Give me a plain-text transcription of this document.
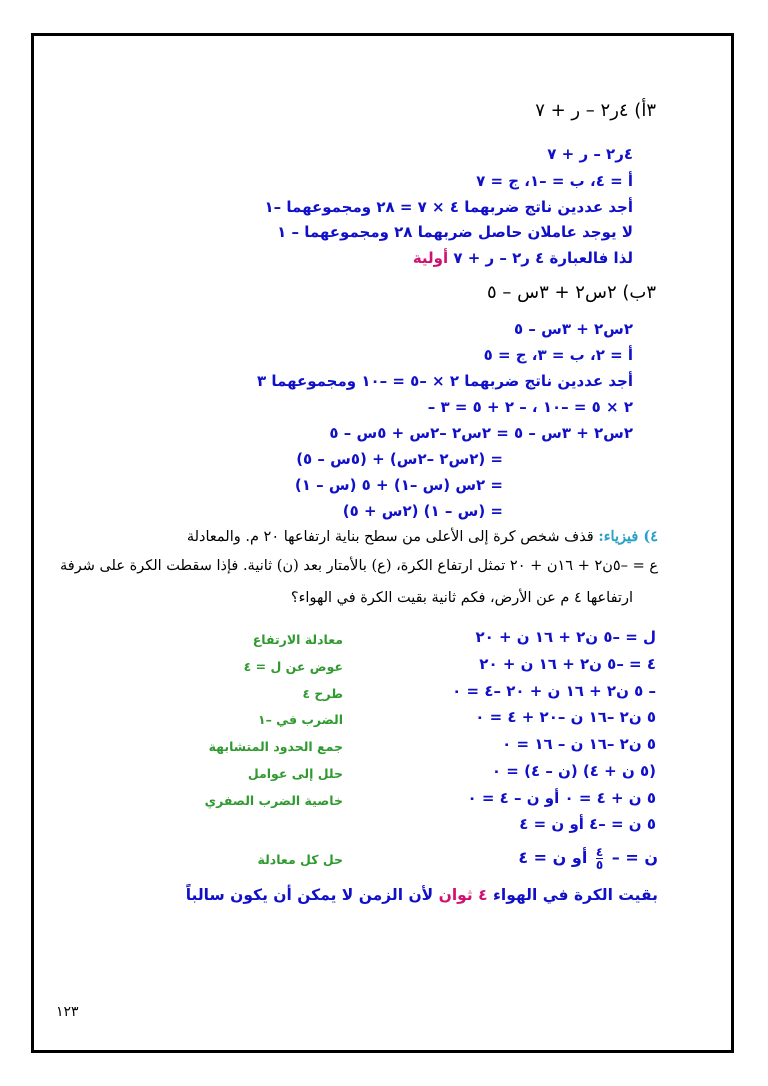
٣أ) ٤ر٢ – ر + ٧
٤ر٢ – ر + ٧
أ = ٤، ب = –١، ج = ٧
أجد عددين ناتج ضربهما ٤ × ٧ = ٢٨ ومجموعهما –١
لا يوجد عاملان حاصل ضربهما ٢٨ ومجموعهما – ١
لذا فالعبارة ٤ ر٢ – ر + ٧ أولية
٣ب) ٢س٢ + ٣س – ٥
٢س٢ + ٣س – ٥
أ = ٢، ب = ٣، ج = ٥
أجد عددين ناتج ضربهما ٢ × –٥ = –١٠ ومجموعهما ٣
– ٢ × ٥ = –١٠ ، – ٢ + ٥ = ٣
٢س٢ + ٣س – ٥ = ٢س٢ –٢س + ٥س – ٥
= (٢س٢ –٢س) + (٥س – ٥)
= ٢س (س –١) + ٥ (س – ١)
= (س – ١) (٢س + ٥)
٤) فيزياء: قذف شخص كرة إلى الأعلى من سطح بناية ارتفاعها ٢٠ م. والمعادلة
ع = –٥ن٢ + ١٦ن + ٢٠ تمثل ارتفاع الكرة، (ع) بالأمتار بعد (ن) ثانية. فإذا سقطت الكرة على شرفة
ارتفاعها ٤ م عن الأرض، فكم ثانية بقيت الكرة في الهواء؟
ل = –٥ ن٢ + ١٦ ن + ٢٠
معادلة الارتفاع
٤ = –٥ ن٢ + ١٦ ن + ٢٠
عوض عن ل = ٤
– ٥ ن٢ + ١٦ ن + ٢٠ –٤ = ٠
طرح ٤
٥ ن٢ –١٦ ن –٢٠ + ٤ = ٠
الضرب في –١
٥ ن٢ –١٦ ن – ١٦ = ٠
جمع الحدود المتشابهة
(٥ ن + ٤) (ن – ٤) = ٠
حلل إلى عوامل
٥ ن + ٤ = ٠ أو ن – ٤ = ٠
خاصية الضرب الصفري
٥ ن = –٤ أو ن = ٤
ن = –
$\frac{٤}{٥}$
أو ن = ٤
حل كل معادلة
بقيت الكرة في الهواء ٤ ثوان لأن الزمن لا يمكن أن يكون سالباً
١٢٣
